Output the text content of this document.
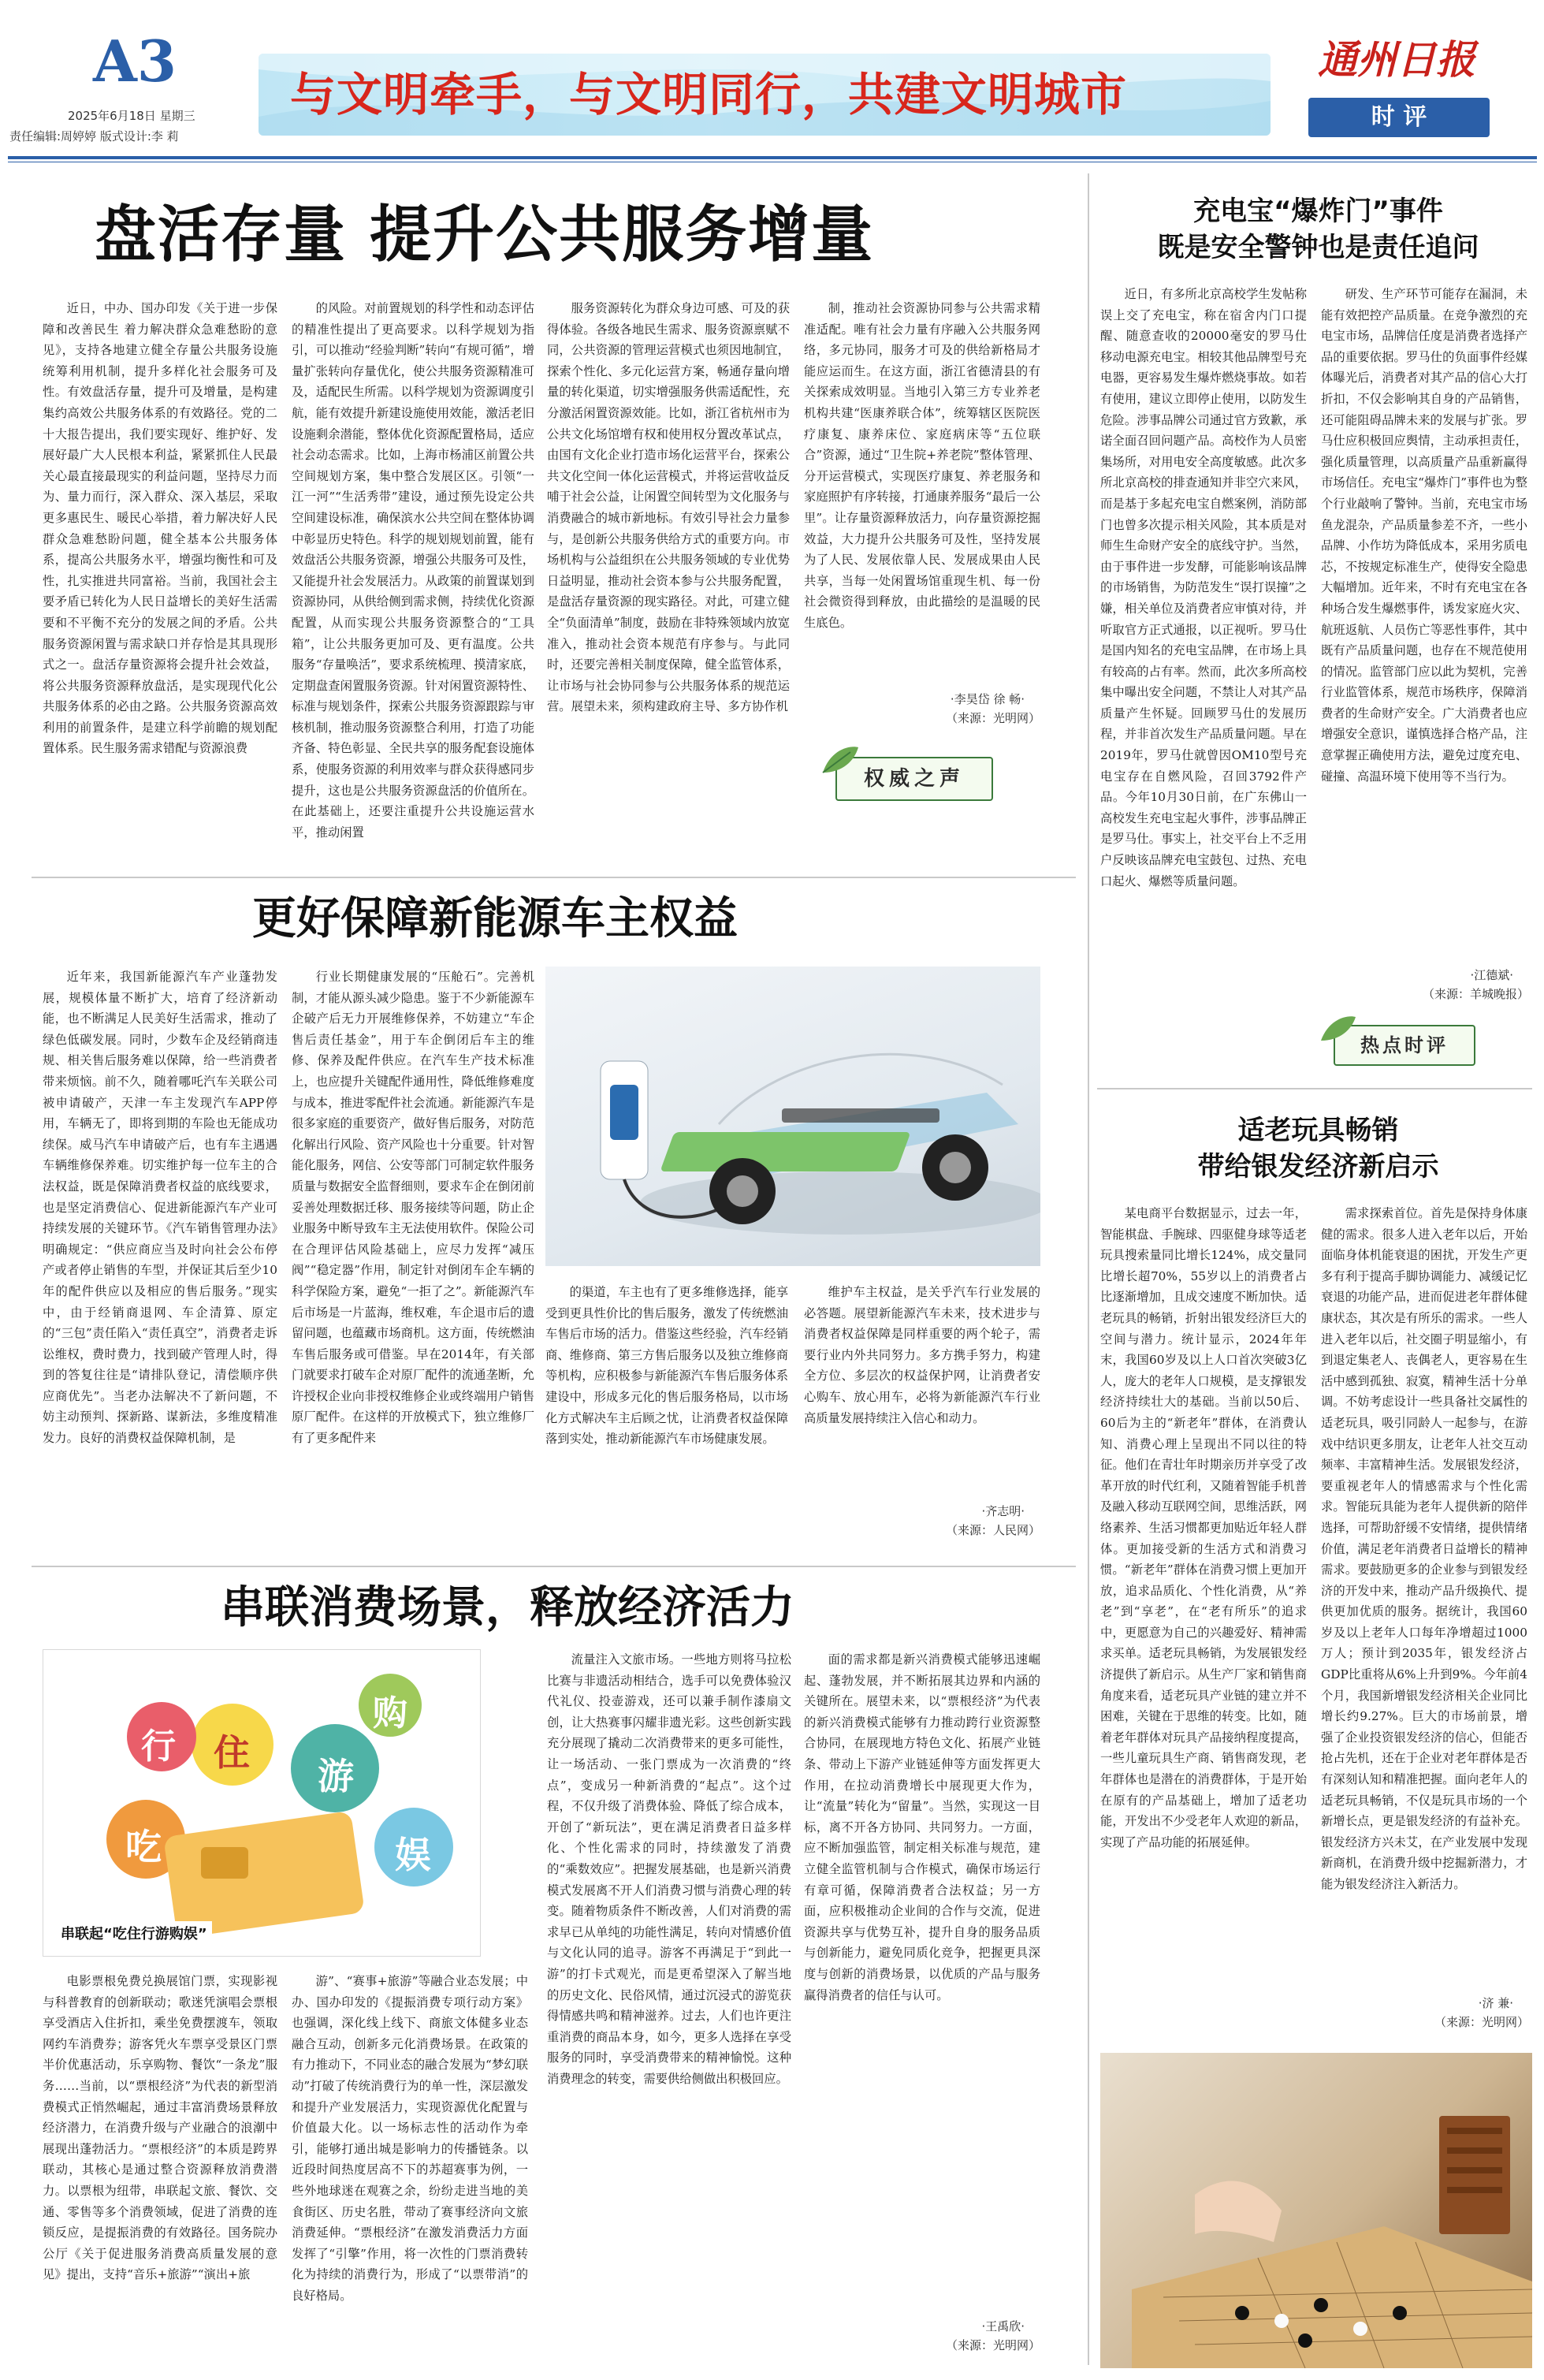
A3
2025年6月18日 星期三
责任编辑:周婷婷 版式设计:李 莉
与文明牵手，与文明同行，共建文明城市
通州日报
时 评
盘活存量 提升公共服务增量
近日，中办、国办印发《关于进一步保障和改善民生 着力解决群众急难愁盼的意见》，支持各地建立健全存量公共服务设施统筹利用机制，提升多样化社会服务可及性。有效盘活存量，提升可及增量，是构建集约高效公共服务体系的有效路径。党的二十大报告提出，我们要实现好、维护好、发展好最广大人民根本利益，紧紧抓住人民最关心最直接最现实的利益问题，坚持尽力而为、量力而行，深入群众、深入基层，采取更多惠民生、暖民心举措，着力解决好人民群众急难愁盼问题，健全基本公共服务体系，提高公共服务水平，增强均衡性和可及性，扎实推进共同富裕。当前，我国社会主要矛盾已转化为人民日益增长的美好生活需要和不平衡不充分的发展之间的矛盾。公共服务资源闲置与需求缺口并存恰是其具现形式之一。盘活存量资源将会提升社会效益，将公共服务资源释放盘活，是实现现代化公共服务体系的必由之路。公共服务资源高效利用的前置条件，是建立科学前瞻的规划配置体系。民生服务需求错配与资源浪费
的风险。对前置规划的科学性和动态评估的精准性提出了更高要求。以科学规划为指引，可以推动“经验判断”转向“有规可循”，增量扩张转向存量优化，使公共服务资源精准可及，适配民生所需。以科学规划为资源调度引航，能有效提升新建设施使用效能，激活老旧设施剩余潜能，整体优化资源配置格局，适应社会动态需求。比如，上海市杨浦区前置公共空间规划方案，集中整合发展区区。引领“一江一河”“生活秀带”建设，通过预先设定公共空间建设标准，确保滨水公共空间在整体协调中彰显历史特色。科学的规划规划前置，能有效盘活公共服务资源，增强公共服务可及性，又能提升社会发展活力。从政策的前置谋划到资源协同，从供给侧到需求侧，持续优化资源配置，从而实现公共服务资源整合的“工具箱”，让公共服务更加可及、更有温度。公共服务“存量唤活”，要求系统梳理、摸清家底，定期盘查闲置服务资源。针对闲置资源特性、标准与规划条件，探索公共服务资源跟踪与审核机制，推动服务资源整合利用，打造了功能齐备、特色彰显、全民共享的服务配套设施体系，使服务资源的利用效率与群众获得感同步提升，这也是公共服务资源盘活的价值所在。在此基础上，还要注重提升公共设施运营水平，推动闲置
服务资源转化为群众身边可感、可及的获得体验。各级各地民生需求、服务资源禀赋不同，公共资源的管理运营模式也须因地制宜，探索个性化、多元化运营方案，畅通存量向增量的转化渠道，切实增强服务供需适配性，充分激活闲置资源效能。比如，浙江省杭州市为公共文化场馆增有权和使用权分置改革试点，由国有文化企业打造市场化运营平台，探索公共文化空间一体化运营模式，并将运营收益反哺于社会公益，让闲置空间转型为文化服务与消费融合的城市新地标。有效引导社会力量参与，是创新公共服务供给方式的重要方向。市场机构与公益组织在公共服务领域的专业优势日益明显，推动社会资本参与公共服务配置，是盘活存量资源的现实路径。对此，可建立健全“负面清单”制度，鼓励在非特殊领域内放宽准入，推动社会资本规范有序参与。与此同时，还要完善相关制度保障，健全监管体系，让市场与社会协同参与公共服务体系的规范运营。展望未来，须构建政府主导、多方协作机
制，推动社会资源协同参与公共需求精准适配。唯有社会力量有序融入公共服务网络，多元协同，服务才可及的供给新格局才能应运而生。在这方面，浙江省德清县的有关探索成效明显。当地引入第三方专业养老机构共建“医康养联合体”，统筹辖区医院医疗康复、康养床位、家庭病床等“五位联合”资源，通过“卫生院+养老院”整体管理、分开运营模式，实现医疗康复、养老服务和家庭照护有序转接，打通康养服务“最后一公里”。让存量资源释放活力，向存量资源挖掘效益，大力提升公共服务可及性，坚持发展为了人民、发展依靠人民、发展成果由人民共享，当每一处闲置场馆重现生机、每一份社会微资得到释放，由此描绘的是温暖的民生底色。
·李昊岱 徐 畅·
（来源：光明网）
权威之声
更好保障新能源车主权益
近年来，我国新能源汽车产业蓬勃发展，规模体量不断扩大，培育了经济新动能，也不断满足人民美好生活需求，推动了绿色低碳发展。同时，少数车企及经销商违规、相关售后服务难以保障，给一些消费者带来烦恼。前不久，随着哪吒汽车关联公司被申请破产，天津一车主发现汽车APP停用，车辆无了，即将到期的车险也无能成功续保。威马汽车申请破产后，也有车主遇遇车辆维修保养难。切实维护每一位车主的合法权益，既是保障消费者权益的底线要求，也是坚定消费信心、促进新能源汽车产业可持续发展的关键环节。《汽车销售管理办法》明确规定：“供应商应当及时向社会公布停产或者停止销售的车型，并保证其后至少10年的配件供应以及相应的售后服务。”现实中，由于经销商退网、车企清算、原定的“三包”责任陷入“责任真空”，消费者走诉讼维权，费时费力，找到破产管理人时，得到的答复往往是“请排队登记，清偿顺序供应商优先”。当老办法解决不了新问题，不妨主动预判、探新路、谋新法，多维度精准发力。良好的消费权益保障机制，是
行业长期健康发展的“压舱石”。完善机制，才能从源头减少隐患。鉴于不少新能源车企破产后无力开展维修保养，不妨建立“车企售后责任基金”，用于车企倒闭后车主的维修、保养及配件供应。在汽车生产技术标准上，也应提升关键配件通用性，降低维修难度与成本，推进零配件社会流通。新能源汽车是很多家庭的重要资产，做好售后服务，对防范化解出行风险、资产风险也十分重要。针对智能化服务，网信、公安等部门可制定软件服务质量与数据安全监督细则，要求车企在倒闭前妥善处理数据迁移、服务接续等问题，防止企业服务中断导致车主无法使用软件。保险公司在合理评估风险基础上，应尽力发挥“减压阀”“稳定器”作用，制定针对倒闭车企车辆的科学保险方案，避免“一拒了之”。新能源汽车后市场是一片蓝海，维权难，车企退市后的遗留问题，也蕴藏市场商机。这方面，传统燃油车售后服务或可借鉴。早在2014年，有关部门就要求打破车企对原厂配件的流通垄断，允许授权企业向非授权维修企业或终端用户销售原厂配件。在这样的开放模式下，独立维修厂有了更多配件来
的渠道，车主也有了更多维修选择，能享受到更具性价比的售后服务，激发了传统燃油车售后市场的活力。借鉴这些经验，汽车经销商、维修商、第三方售后服务以及独立维修商等机构，应积极参与新能源汽车售后服务体系建设中，形成多元化的售后服务格局，以市场化方式解决车主后顾之忧，让消费者权益保障落到实处，推动新能源汽车市场健康发展。
维护车主权益，是关乎汽车行业发展的必答题。展望新能源汽车未来，技术进步与消费者权益保障是同样重要的两个轮子，需要行业内外共同努力。多方携手努力，构建全方位、多层次的权益保护网，让消费者安心购车、放心用车，必将为新能源汽车行业高质量发展持续注入信心和动力。
·齐志明·
（来源：人民网）
串联消费场景，释放经济活力
行
游
住
购
吃	娱
串联起“吃住行游购娱”
电影票根免费兑换展馆门票，实现影视与科普教育的创新联动；歌迷凭演唱会票根享受酒店入住折扣，乘坐免费摆渡车，领取网约车消费券；游客凭火车票享受景区门票半价优惠活动，乐享购物、餐饮“一条龙”服务……当前，以“票根经济”为代表的新型消费模式正悄然崛起，通过丰富消费场景释放经济潜力，在消费升级与产业融合的浪潮中展现出蓬勃活力。“票根经济”的本质是跨界联动，其核心是通过整合资源释放消费潜力。以票根为纽带，串联起文旅、餐饮、交通、零售等多个消费领域，促进了消费的连锁反应，是提振消费的有效路径。国务院办公厅《关于促进服务消费高质量发展的意见》提出，支持“音乐+旅游”“演出+旅
游”、“赛事+旅游”等融合业态发展；中办、国办印发的《提振消费专项行动方案》也强调，深化线上线下、商旅文体健多业态融合互动，创新多元化消费场景。在政策的有力推动下，不同业态的融合发展为“梦幻联动”打破了传统消费行为的单一性，深层激发和提升产业发展活力，实现资源优化配置与价值最大化。以一场标志性的活动作为牵引，能够打通出城是影响力的传播链条。以近段时间热度居高不下的苏超赛事为例，一些外地球迷在观赛之余，纷纷走进当地的美食街区、历史名胜，带动了赛事经济向文旅消费延伸。“票根经济”在激发消费活力方面发挥了“引擎”作用，将一次性的门票消费转化为持续的消费行为，形成了“以票带消”的良好格局。
流量注入文旅市场。一些地方则将马拉松比赛与非遗活动相结合，选手可以免费体验汉代礼仪、投壶游戏，还可以兼手制作漆扇文创，让大热赛事闪耀非遗光彩。这些创新实践充分展现了撬动二次消费带来的更多可能性，让一场活动、一张门票成为一次消费的“终点”，变成另一种新消费的“起点”。这个过程，不仅升级了消费体验、降低了综合成本，开创了“新玩法”，更在满足消费者日益多样化、个性化需求的同时，持续激发了消费的“乘数效应”。把握发展基础，也是新兴消费模式发展离不开人们消费习惯与消费心理的转变。随着物质条件不断改善，人们对消费的需求早已从单纯的功能性满足，转向对情感价值与文化认同的追寻。游客不再满足于“到此一游”的打卡式观光，而是更希望深入了解当地的历史文化、民俗风情，通过沉浸式的游览获得情感共鸣和精神滋养。过去，人们也许更注重消费的商品本身，如今，更多人选择在享受服务的同时，享受消费带来的精神愉悦。这种消费理念的转变，需要供给侧做出积极回应。
面的需求都是新兴消费模式能够迅速崛起、蓬勃发展，并不断拓展其边界和内涵的关键所在。展望未来，以“票根经济”为代表的新兴消费模式能够有力推动跨行业资源整合协同，在展现地方特色文化、拓展产业链条、带动上下游产业链延伸等方面发挥更大作用，在拉动消费增长中展现更大作为，让“流量”转化为“留量”。当然，实现这一目标，离不开各方协同、共同努力。一方面，应不断加强监管，制定相关标准与规范，建立健全监管机制与合作模式，确保市场运行有章可循，保障消费者合法权益；另一方面，应积极推动企业间的合作与交流，促进资源共享与优势互补，提升自身的服务品质与创新能力，避免同质化竞争，把握更具深度与创新的消费场景，以优质的产品与服务赢得消费者的信任与认可。
·王禹欣·
（来源：光明网）
充电宝“爆炸门”事件
既是安全警钟也是责任追问
近日，有多所北京高校学生发帖称误上交了充电宝，称在宿舍内门口提醒、随意查收的20000毫安的罗马仕移动电源充电宝。相较其他品牌型号充电器，更容易发生爆炸燃烧事故。如若有使用，建议立即停止使用，以防发生危险。涉事品牌公司通过官方致歉，承诺全面召回问题产品。高校作为人员密集场所，对用电安全高度敏感。此次多所北京高校的排查通知并非空穴来风，而是基于多起充电宝自燃案例，消防部门也曾多次提示相关风险，其本质是对师生生命财产安全的底线守护。当然，由于事件进一步发酵，可能影响该品牌的市场销售，为防范发生“误打误撞”之嫌，相关单位及消费者应审慎对待，并听取官方正式通报，以正视听。罗马仕是国内知名的充电宝品牌，在市场上具有较高的占有率。然而，此次多所高校集中曝出安全问题，不禁让人对其产品质量产生怀疑。回顾罗马仕的发展历程，并非首次发生产品质量问题。早在2019年，罗马仕就曾因OM10型号充电宝存在自燃风险，召回3792件产品。今年10月30日前，在广东佛山一高校发生充电宝起火事件，涉事品牌正是罗马仕。事实上，社交平台上不乏用户反映该品牌充电宝鼓包、过热、充电口起火、爆燃等质量问题。
研发、生产环节可能存在漏洞，未能有效把控产品质量。在竞争激烈的充电宝市场，品牌信任度是消费者选择产品的重要依据。罗马仕的负面事件经媒体曝光后，消费者对其产品的信心大打折扣，不仅会影响其自身的产品销售，还可能阻碍品牌未来的发展与扩张。罗马仕应积极回应舆情，主动承担责任，强化质量管理，以高质量产品重新赢得市场信任。充电宝“爆炸门”事件也为整个行业敲响了警钟。当前，充电宝市场鱼龙混杂，产品质量参差不齐，一些小品牌、小作坊为降低成本，采用劣质电芯，不按规定标准生产，使得安全隐患大幅增加。近年来，不时有充电宝在各种场合发生爆燃事件，诱发家庭火灾、航班返航、人员伤亡等恶性事件，其中既有产品质量问题，也存在不规范使用的情况。监管部门应以此为契机，完善行业监管体系，规范市场秩序，保障消费者的生命财产安全。广大消费者也应增强安全意识，谨慎选择合格产品，注意掌握正确使用方法，避免过度充电、碰撞、高温环境下使用等不当行为。
·江德斌·
（来源：羊城晚报）
热点时评
适老玩具畅销
带给银发经济新启示
某电商平台数据显示，过去一年，智能棋盘、手腕球、四驱健身球等适老玩具搜索量同比增长124%，成交量同比增长超70%，55岁以上的消费者占比逐渐增加，且成交速度不断加快。适老玩具的畅销，折射出银发经济巨大的空间与潜力。统计显示，2024年年末，我国60岁及以上人口首次突破3亿人，庞大的老年人口规模，是支撑银发经济持续壮大的基础。当前以50后、60后为主的“新老年”群体，在消费认知、消费心理上呈现出不同以往的特征。他们在青壮年时期亲历并享受了改革开放的时代红利，又随着智能手机普及融入移动互联网空间，思维活跃，网络素养、生活习惯都更加贴近年轻人群体。更加接受新的生活方式和消费习惯。“新老年”群体在消费习惯上更加开放，追求品质化、个性化消费，从“养老”到“享老”，在“老有所乐”的追求中，更愿意为自己的兴趣爱好、精神需求买单。适老玩具畅销，为发展银发经济提供了新启示。从生产厂家和销售商角度来看，适老玩具产业链的建立并不困难，关键在于思维的转变。比如，随着老年群体对玩具产品接纳程度提高，一些儿童玩具生产商、销售商发现，老年群体也是潜在的消费群体，于是开始在原有的产品基础上，增加了适老功能，开发出不少受老年人欢迎的新品，实现了产品功能的拓展延伸。
需求探索首位。首先是保持身体康健的需求。很多人进入老年以后，开始面临身体机能衰退的困扰，开发生产更多有利于提高手脚协调能力、减缓记忆衰退的功能产品，进而促进老年群体健康状态，其次是有所乐的需求。一些人进入老年以后，社交圈子明显缩小，有到退定集老人、丧偶老人，更容易在生活中感到孤独、寂寞，精神生活十分单调。不妨考虑设计一些具备社交属性的适老玩具，吸引同龄人一起参与，在游戏中结识更多朋友，让老年人社交互动频率、丰富精神生活。发展银发经济，要重视老年人的情感需求与个性化需求。智能玩具能为老年人提供新的陪伴选择，可帮助舒缓不安情绪，提供情绪价值，满足老年消费者日益增长的精神需求。要鼓励更多的企业参与到银发经济的开发中来，推动产品升级换代、提供更加优质的服务。据统计，我国60岁及以上老年人口每年净增超过1000万人；预计到2035年，银发经济占GDP比重将从6%上升到9%。今年前4个月，我国新增银发经济相关企业同比增长约9.27%。巨大的市场前景，增强了企业投资银发经济的信心，但能否抢占先机，还在于企业对老年群体是否有深刻认知和精准把握。面向老年人的适老玩具畅销，不仅是玩具市场的一个新增长点，更是银发经济的有益补充。银发经济方兴未艾，在产业发展中发现新商机，在消费升级中挖掘新潜力，才能为银发经济注入新活力。
·济 兼·
（来源：光明网）
